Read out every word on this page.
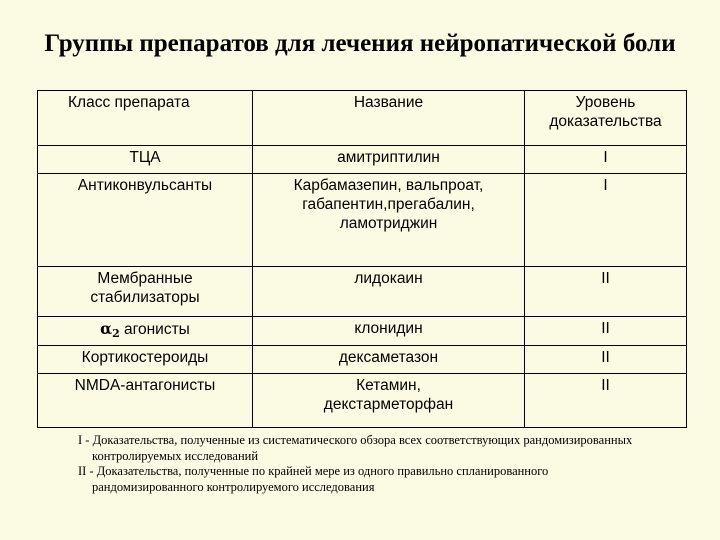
Группы препаратов для лечения нейропатической боли
Класс препарата	Название	Уровень доказательства
ТЦА	амитриптилин	I
Антиконвульсанты	Карбамазепин, вальпроат, габапентин,прегабалин, ламотриджин	I
Мембранные стабилизаторы	лидокаин	II
$\alpha_2$ агонисты	клонидин	II
Кортикостероиды	дексаметазон	II
NMDA-антагонисты	Кетамин, декстарметорфан	II
I - Доказательства, полученные из систематического обзора всех соответствующих рандомизированных контролируемых исследований
II - Доказательства, полученные по крайней мере из одного правильно спланированного рандомизированного контролируемого исследования
